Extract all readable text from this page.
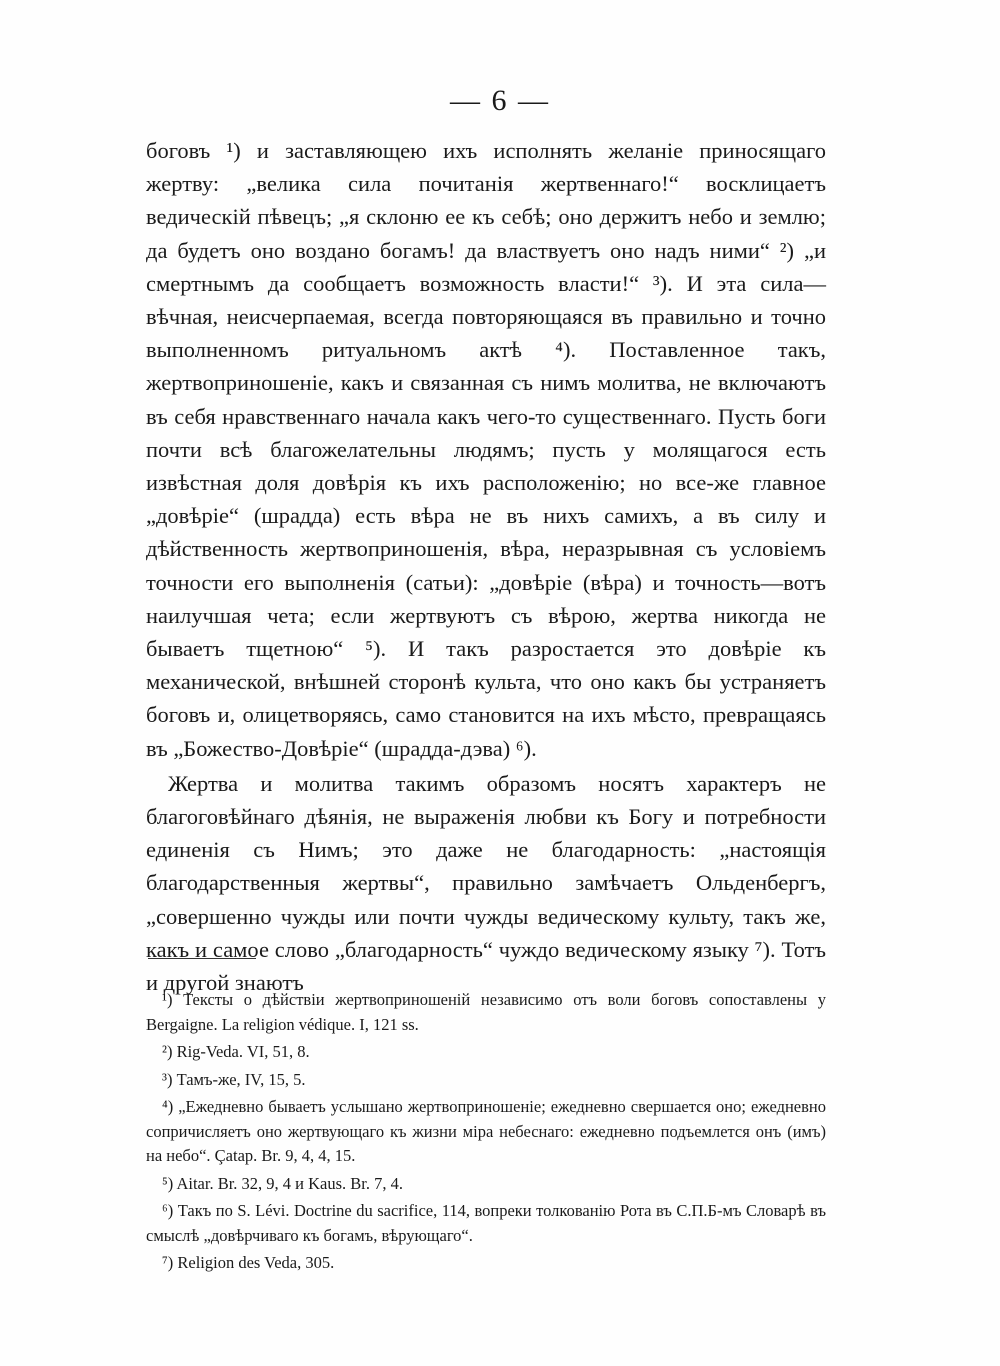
— 6 —

боговъ ¹) и заставляющею ихъ исполнять желаніе приносящаго жертву: „велика сила почитанія жертвеннаго!“ восклицаетъ ведическій пѣвецъ; „я склоню ее къ себѣ; оно держитъ небо и землю; да будетъ оно воздано богамъ! да властвуетъ оно надъ ними“ ²) „и смертнымъ да сообщаетъ возможность власти!“ ³). И эта сила—вѣчная, неисчерпаемая, всегда повторяющаяся въ правильно и точно выполненномъ ритуальномъ актѣ ⁴). Поставленное такъ, жертвоприношеніе, какъ и связанная съ нимъ молитва, не включаютъ въ себя нравственнаго начала какъ чего-то существеннаго. Пусть боги почти всѣ благожелательны людямъ; пусть у молящагося есть извѣстная доля довѣрія къ ихъ расположенію; но все-же главное „довѣріе“ (шрадда) есть вѣра не въ нихъ самихъ, а въ силу и дѣйственность жертвоприношенія, вѣра, неразрывная съ условіемъ точности его выполненія (сатьи): „довѣріе (вѣра) и точность—вотъ наилучшая чета; если жертвуютъ съ вѣрою, жертва никогда не бываетъ тщетною“ ⁵). И такъ разростается это довѣріе къ механической, внѣшней сторонѣ культа, что оно какъ бы устраняетъ боговъ и, олицетворяясь, само становится на ихъ мѣсто, превращаясь въ „Божество-Довѣріе“ (шрадда-дэва) ⁶).

Жертва и молитва такимъ образомъ носятъ характеръ не благоговѣйнаго дѣянія, не выраженія любви къ Богу и потребности единенія съ Нимъ; это даже не благодарность: „настоящія благодарственныя жертвы“, правильно замѣчаетъ Ольденбергъ, „совершенно чужды или почти чужды ведическому культу, такъ же, какъ и самое слово „благодарность“ чуждо ведическому языку ⁷). Тотъ и другой знаютъ

¹) Тексты о дѣйствіи жертвоприношеній независимо отъ воли боговъ сопоставлены у Bergaigne. La religion védique. I, 121 ss.

²) Rig-Veda. VI, 51, 8.

³) Тамъ-же, IV, 15, 5.

⁴) „Ежедневно бываетъ услышано жертвоприношеніе; ежедневно свершается оно; ежедневно сопричисляетъ оно жертвующаго къ жизни міра небеснаго: ежедневно подъемлется онъ (имъ) на небо“. Çatap. Br. 9, 4, 4, 15.

⁵) Aitar. Br. 32, 9, 4 и Kaus. Br. 7, 4.

⁶) Такъ по S. Lévi. Doctrine du sacrifice, 114, вопреки толкованію Рота въ С.П.Б-мъ Словарѣ въ смыслѣ „довѣрчиваго къ богамъ, вѣрующаго“.

⁷) Religion des Veda, 305.
